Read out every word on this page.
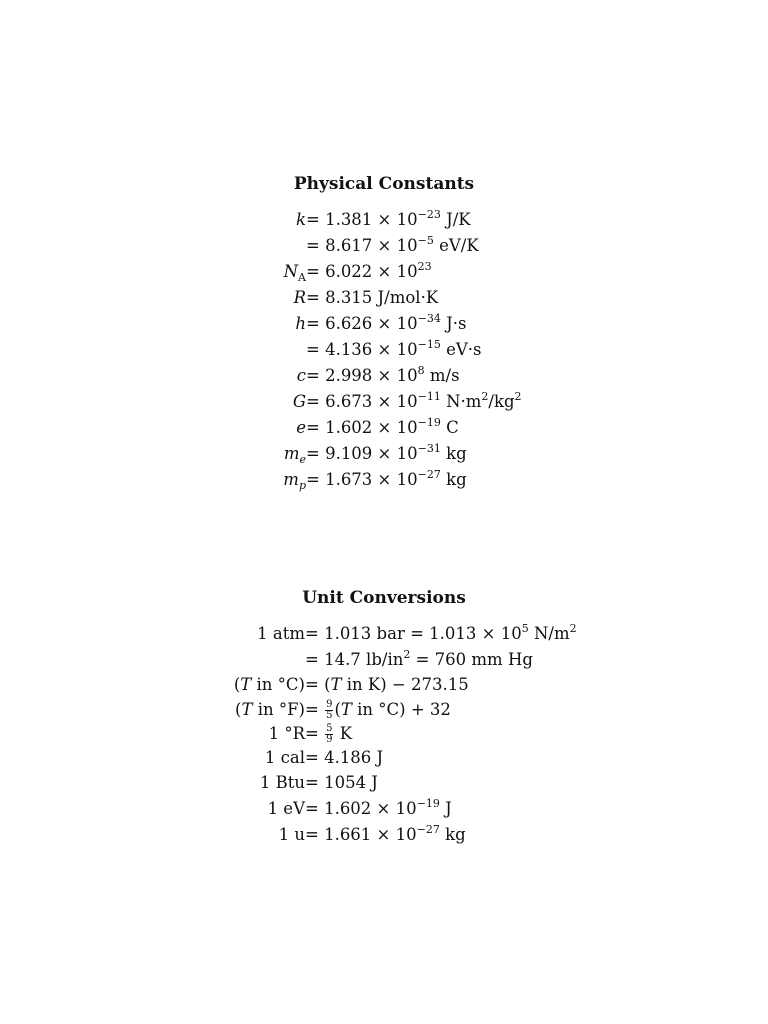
Physical Constants
$k = 1.381 \times 10^{-23}$ J/K
= $8.617 \times 10^{-5}$ eV/K
$N_A = 6.022 \times 10^{23}$
R = 8.315 J/mol·K
$h = 6.626 \times 10^{-34}$ J·s
= $4.136 \times 10^{-15}$ eV·s
$c = 2.998 \times 10^8$ m/s
$G = 6.673 \times 10^{-11}$ $N\cdot m^2/kg^2$
$e = 1.602 \times 10^{-19}$ C
$m_e = 9.109 \times 10^{-31}$ kg
$m_p = 1.673 \times 10^{-27}$ kg
Unit Conversions
1 atm = 1.013 bar = $1.013 \times 10^5$ $N/m^2$
= 14.7 $lb/in^2 = 760$ mm Hg
(T in °C) = (T in K) − 273.15
(T in $^\circ F) = \frac{9}{5} (T$ in °C) + 32
1 $^\circ R = \frac{5}{9}$ K
1 cal = 4.186 J
1 Btu = 1054 J
1 eV = $1.602 \times 10^{-19}$ J
1 $u = 1.661 \times 10^{-27}$ kg
